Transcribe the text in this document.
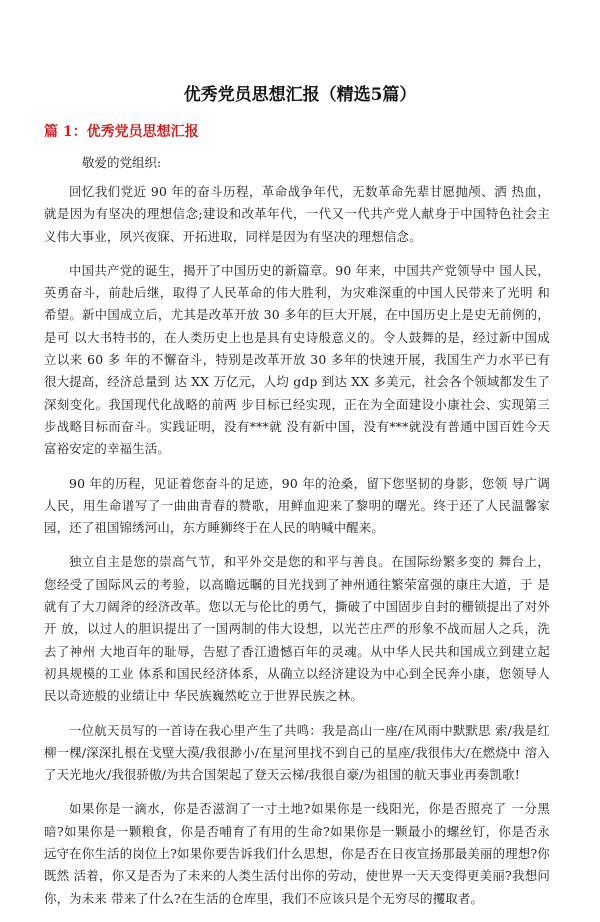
优秀党员思想汇报（精选5篇）
篇 1：优秀党员思想汇报
敬爱的党组织:

回忆我们党近 90 年的奋斗历程，革命战争年代，无数革命先辈甘愿抛颅、洒 热血，就是因为有坚决的理想信念;建设和改革年代，一代又一代共产党人献身于中国特色社会主 义伟大事业，夙兴夜寐、开拓进取，同样是因为有坚决的理想信念。

中国共产党的诞生，揭开了中国历史的新篇章。90 年来，中国共产党领导中 国人民，英勇奋斗，前赴后继，取得了人民革命的伟大胜利，为灾难深重的中国人民带来了光明 和希望。新中国成立后，尤其是改革开放 30 多年的巨大开展，在中国历史上是史无前例的，是可 以大书特书的，在人类历史上也是具有史诗般意义的。令人鼓舞的是，经过新中国成立以来 60 多 年的不懈奋斗，特别是改革开放 30 多年的快速开展，我国生产力水平已有很大提高，经济总量到 达 XX 万亿元，人均 gdp 到达 XX 多美元，社会各个领域都发生了深刻变化。我国现代化战略的前两 步目标已经实现，正在为全面建设小康社会、实现第三步战略目标而奋斗。实践证明，没有***就 没有新中国，没有***就没有普通中国百姓今天富裕安定的幸福生活。

90 年的历程，见证着您奋斗的足迹，90 年的沧桑，留下您坚韧的身影，您领 导广调人民，用生命谱写了一曲曲青春的赞歌，用鲜血迎来了黎明的曙光。终于还了人民温馨家 园，还了祖国锦绣河山，东方睡狮终于在人民的呐喊中醒来。

独立自主是您的崇高气节，和平外交是您的和平与善良。在国际纷繁多变的 舞台上，您经受了国际风云的考验，以高瞻远瞩的目光找到了神州通往繁荣富强的康庄大道，于 是就有了大刀阔斧的经济改革。您以无与伦比的勇气，撕破了中国固步自封的栅锁提出了对外开 放，以过人的胆识提出了一国两制的伟大设想，以光芒庄严的形象不战而屈人之兵，洗去了神州 大地百年的耻辱，告慰了香江遗憾百年的灵魂。从中华人民共和国成立到建立起初具规模的工业 体系和国民经济体系，从确立以经济建设为中心到全民奔小康，您领导人民以奇迹般的业绩让中 华民族巍然屹立于世界民族之林。

一位航天员写的一首诗在我心里产生了共鸣：我是高山一座/在风雨中默默思 索/我是红柳一棵/深深扎根在戈壁大漠/我很渺小/在星河里找不到自己的星座/我很伟大/在燃烧中 溶入了天光地火/我很骄傲/为共合国架起了登天云梯/我很自豪/为祖国的航天事业再奏凯歌!

如果你是一滴水，你是否滋润了一寸土地?如果你是一线阳光，你是否照亮了 一分黑暗?如果你是一颗粮食，你是否哺育了有用的生命?如果你是一颗最小的螺丝钉，你是否永 远守在你生活的岗位上?如果你要告诉我们什么思想，你是否在日夜宣扬那最美丽的理想?你既然 活着，你又是否为了未来的人类生活付出你的劳动，使世界一天天变得更美丽?我想问你，为未来 带来了什么?在生活的仓库里，我们不应该只是个无穷尽的攫取者。
